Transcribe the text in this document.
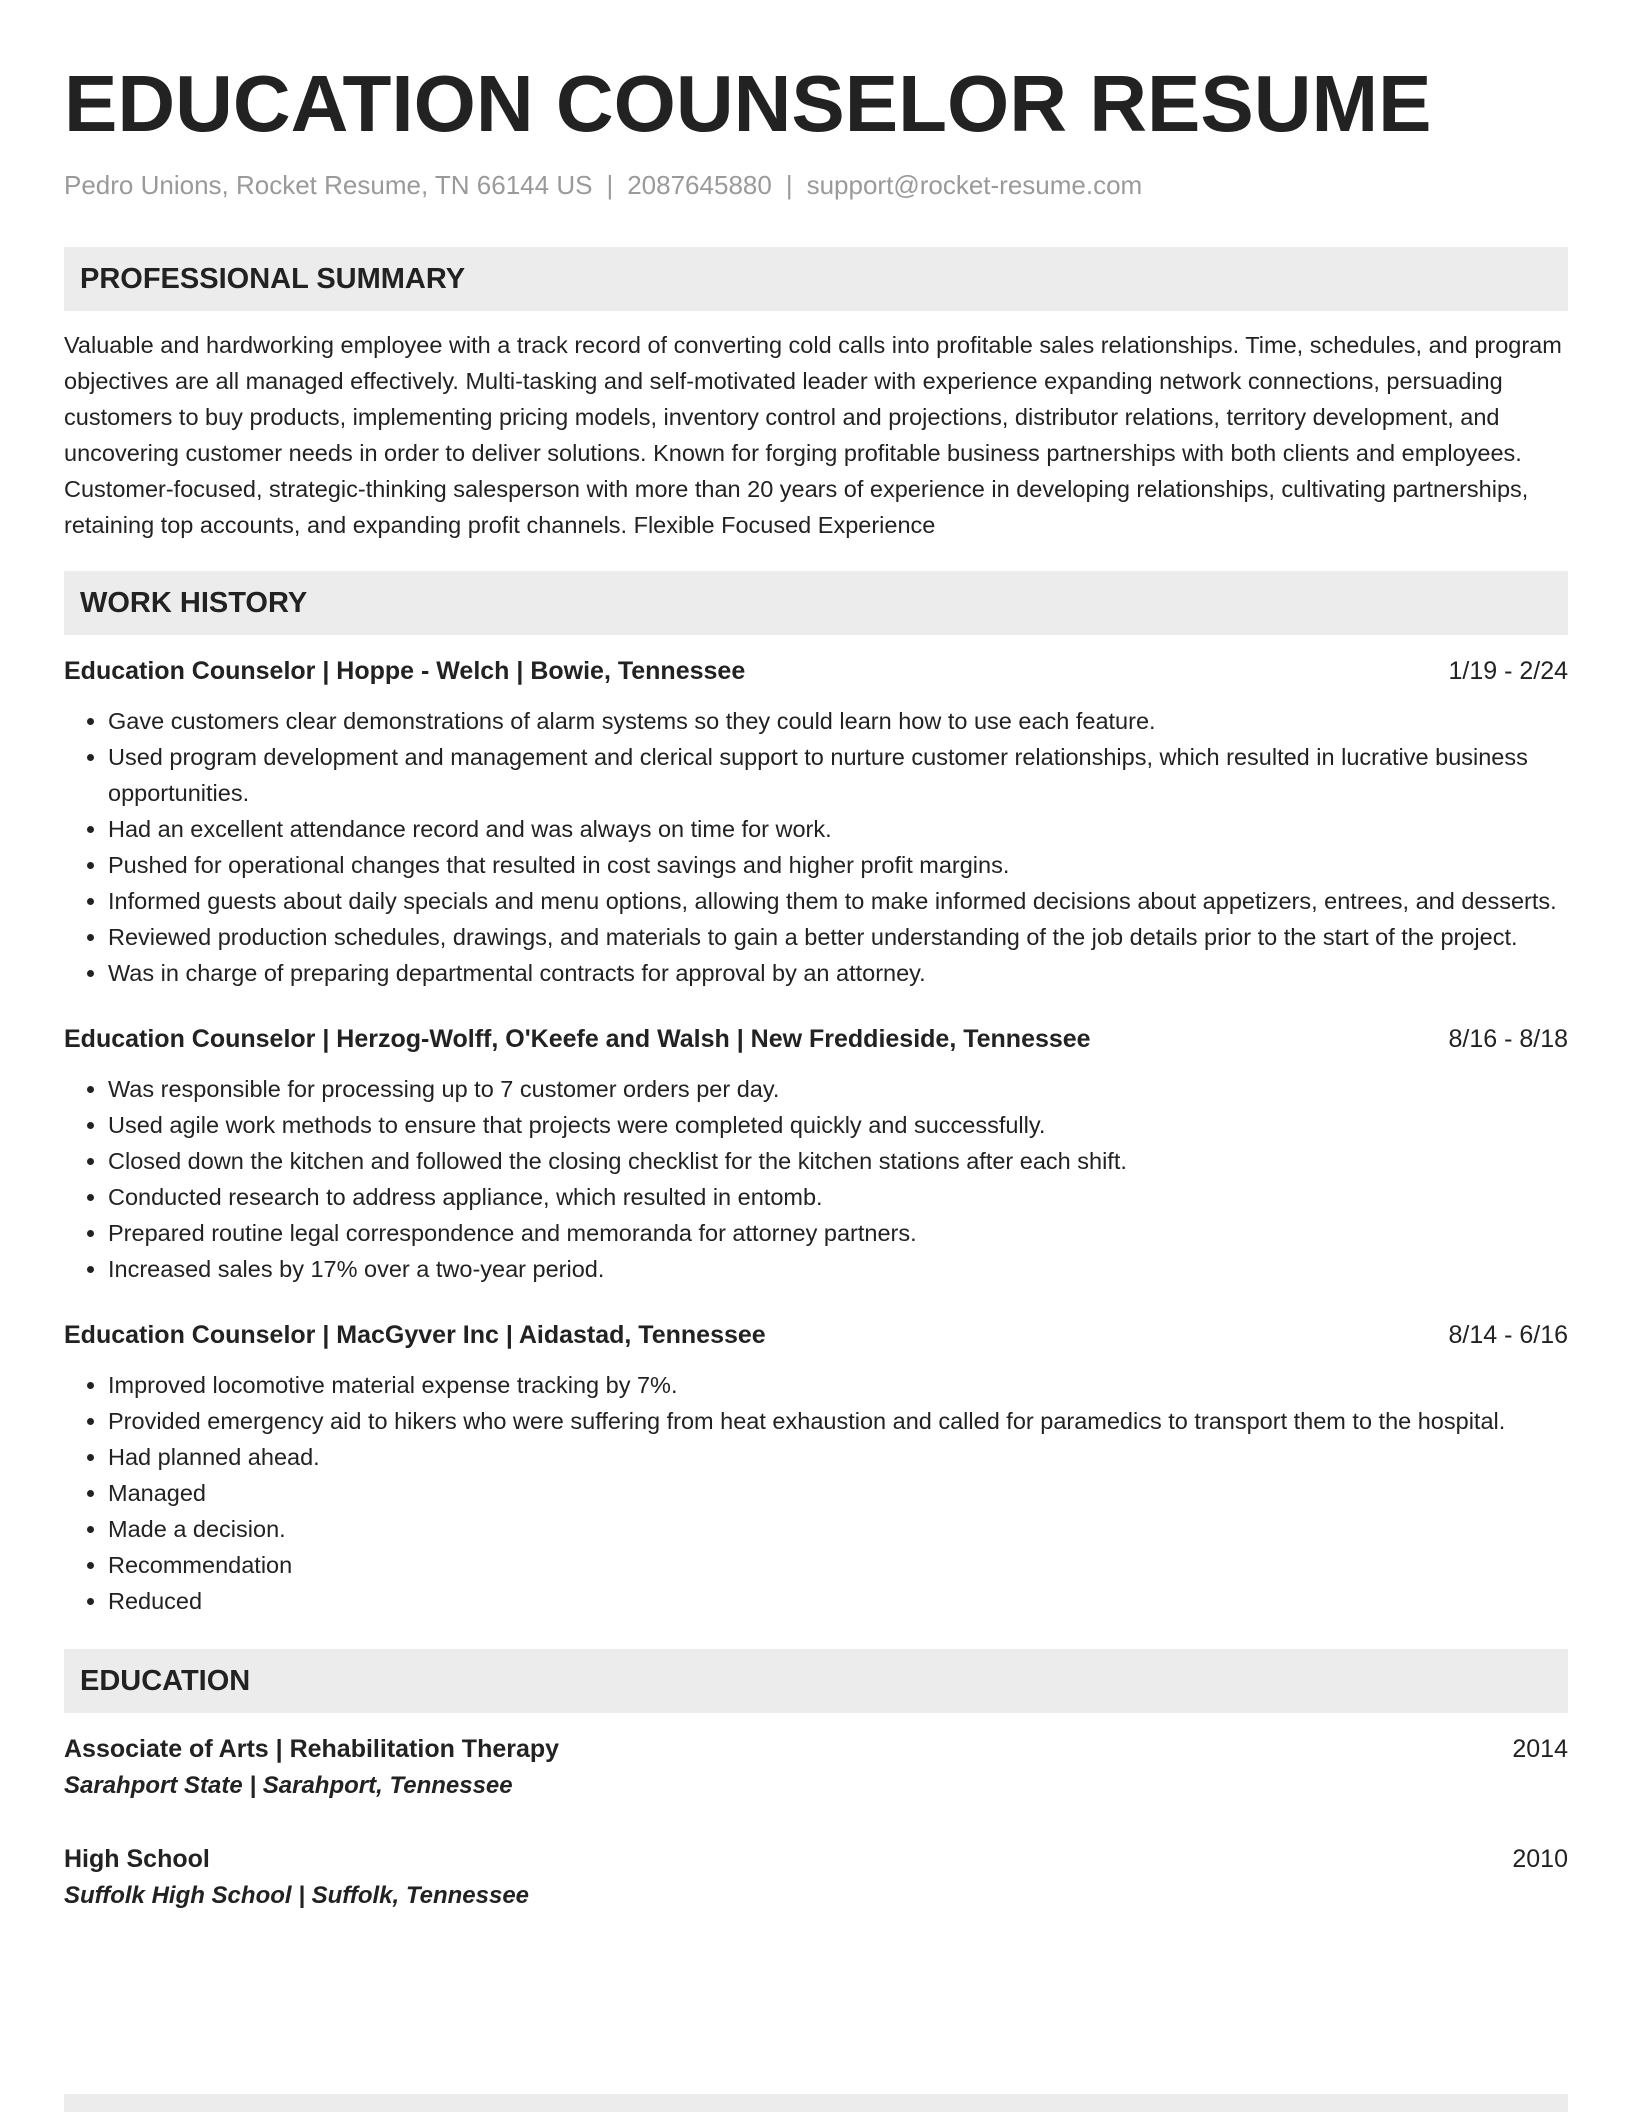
EDUCATION COUNSELOR RESUME
Pedro Unions, Rocket Resume, TN 66144 US | 2087645880 | support@rocket-resume.com
PROFESSIONAL SUMMARY
Valuable and hardworking employee with a track record of converting cold calls into profitable sales relationships. Time, schedules, and program objectives are all managed effectively. Multi-tasking and self-motivated leader with experience expanding network connections, persuading customers to buy products, implementing pricing models, inventory control and projections, distributor relations, territory development, and uncovering customer needs in order to deliver solutions. Known for forging profitable business partnerships with both clients and employees. Customer-focused, strategic-thinking salesperson with more than 20 years of experience in developing relationships, cultivating partnerships, retaining top accounts, and expanding profit channels. Flexible Focused Experience
WORK HISTORY
Education Counselor | Hoppe - Welch | Bowie, Tennessee	1/19 - 2/24
• Gave customers clear demonstrations of alarm systems so they could learn how to use each feature.
• Used program development and management and clerical support to nurture customer relationships, which resulted in lucrative business opportunities.
• Had an excellent attendance record and was always on time for work.
• Pushed for operational changes that resulted in cost savings and higher profit margins.
• Informed guests about daily specials and menu options, allowing them to make informed decisions about appetizers, entrees, and desserts.
• Reviewed production schedules, drawings, and materials to gain a better understanding of the job details prior to the start of the project.
• Was in charge of preparing departmental contracts for approval by an attorney.
Education Counselor | Herzog-Wolff, O'Keefe and Walsh | New Freddieside, Tennessee	8/16 - 8/18
• Was responsible for processing up to 7 customer orders per day.
• Used agile work methods to ensure that projects were completed quickly and successfully.
• Closed down the kitchen and followed the closing checklist for the kitchen stations after each shift.
• Conducted research to address appliance, which resulted in entomb.
• Prepared routine legal correspondence and memoranda for attorney partners.
• Increased sales by 17% over a two-year period.
Education Counselor | MacGyver Inc | Aidastad, Tennessee	8/14 - 6/16
• Improved locomotive material expense tracking by 7%.
• Provided emergency aid to hikers who were suffering from heat exhaustion and called for paramedics to transport them to the hospital.
• Had planned ahead.
• Managed
• Made a decision.
• Recommendation
• Reduced
EDUCATION
Associate of Arts | Rehabilitation Therapy	2014
Sarahport State | Sarahport, Tennessee
High School	2010
Suffolk High School | Suffolk, Tennessee
